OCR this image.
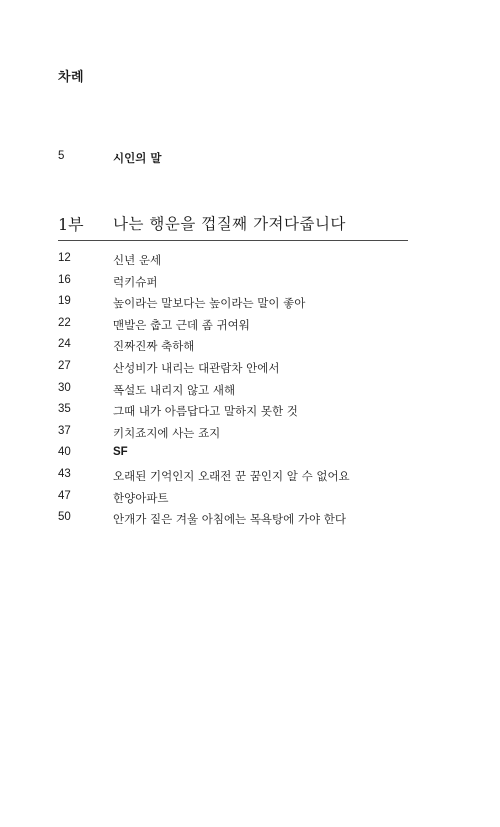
차례
5	시인의 말
1부 나는 행운을 껍질째 가져다줍니다
12	신년 운세
16	럭키슈퍼
19	높이라는 말보다는 높이라는 말이 좋아
22	맨발은 춥고 근데 좀 귀여워
24	진짜진짜 축하해
27	산성비가 내리는 대관람차 안에서
30	폭설도 내리지 않고 새해
35	그때 내가 아름답다고 말하지 못한 것
37	키치죠지에 사는 죠지
40	SF
43	오래된 기억인지 오래전 꾼 꿈인지 알 수 없어요
47	한양아파트
50	안개가 짙은 겨울 아침에는 목욕탕에 가야 한다
